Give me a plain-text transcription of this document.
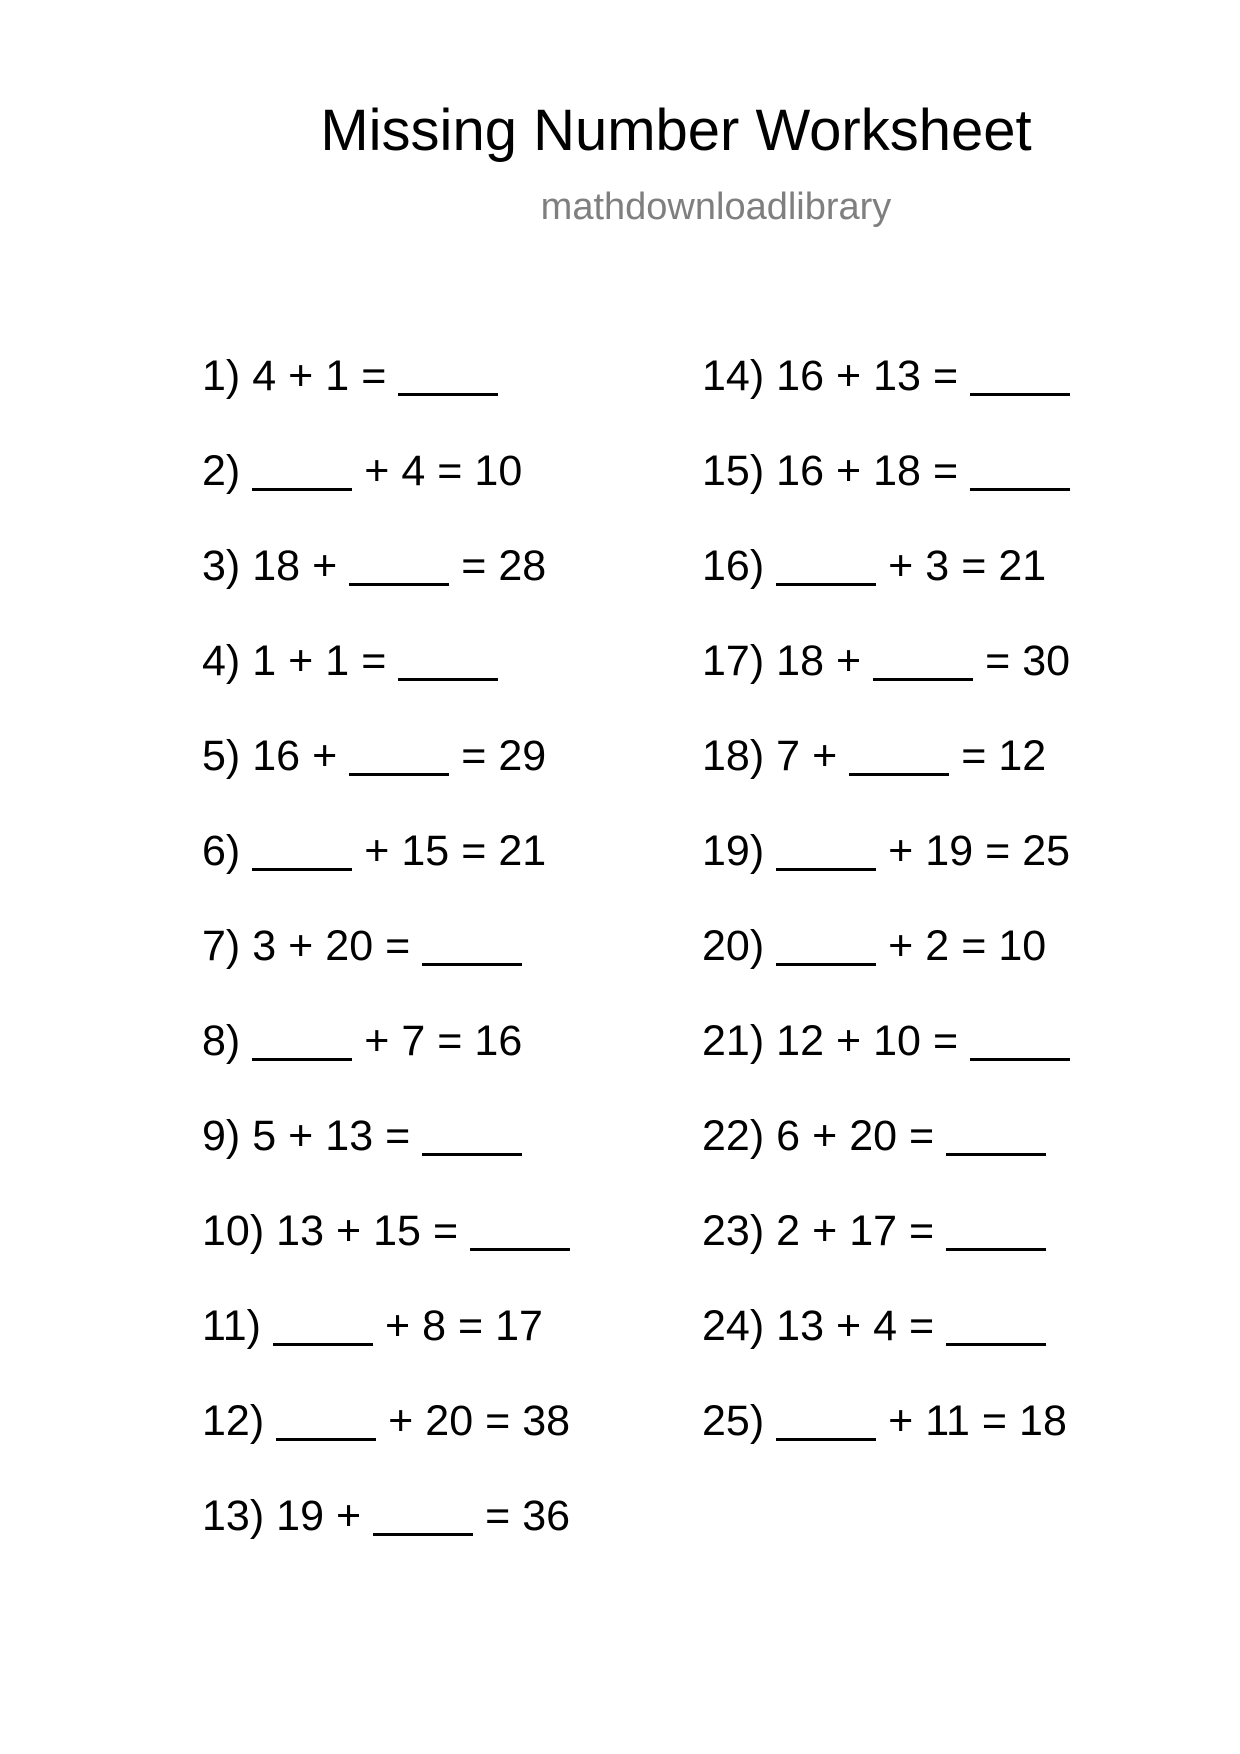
Missing Number Worksheet
mathdownloadlibrary
1) 4 + 1 =
2)	+ 4 = 10
3) 18 +	= 28
4) 1 + 1 =
5) 16 +	= 29
6)	+ 15 = 21
7) 3 + 20 =
8)	+ 7 = 16
9) 5 + 13 =
10) 13 + 15 =
11)	+ 8 = 17
12)	+ 20 = 38
13) 19 +	= 36
14) 16 + 13 =
15) 16 + 18 =
16)	+ 3 = 21
17) 18 +	= 30
18) 7 +	= 12
19)	+ 19 = 25
20)	+ 2 = 10
21) 12 + 10 =
22) 6 + 20 =
23) 2 + 17 =
24) 13 + 4 =
25)	+ 11 = 18
